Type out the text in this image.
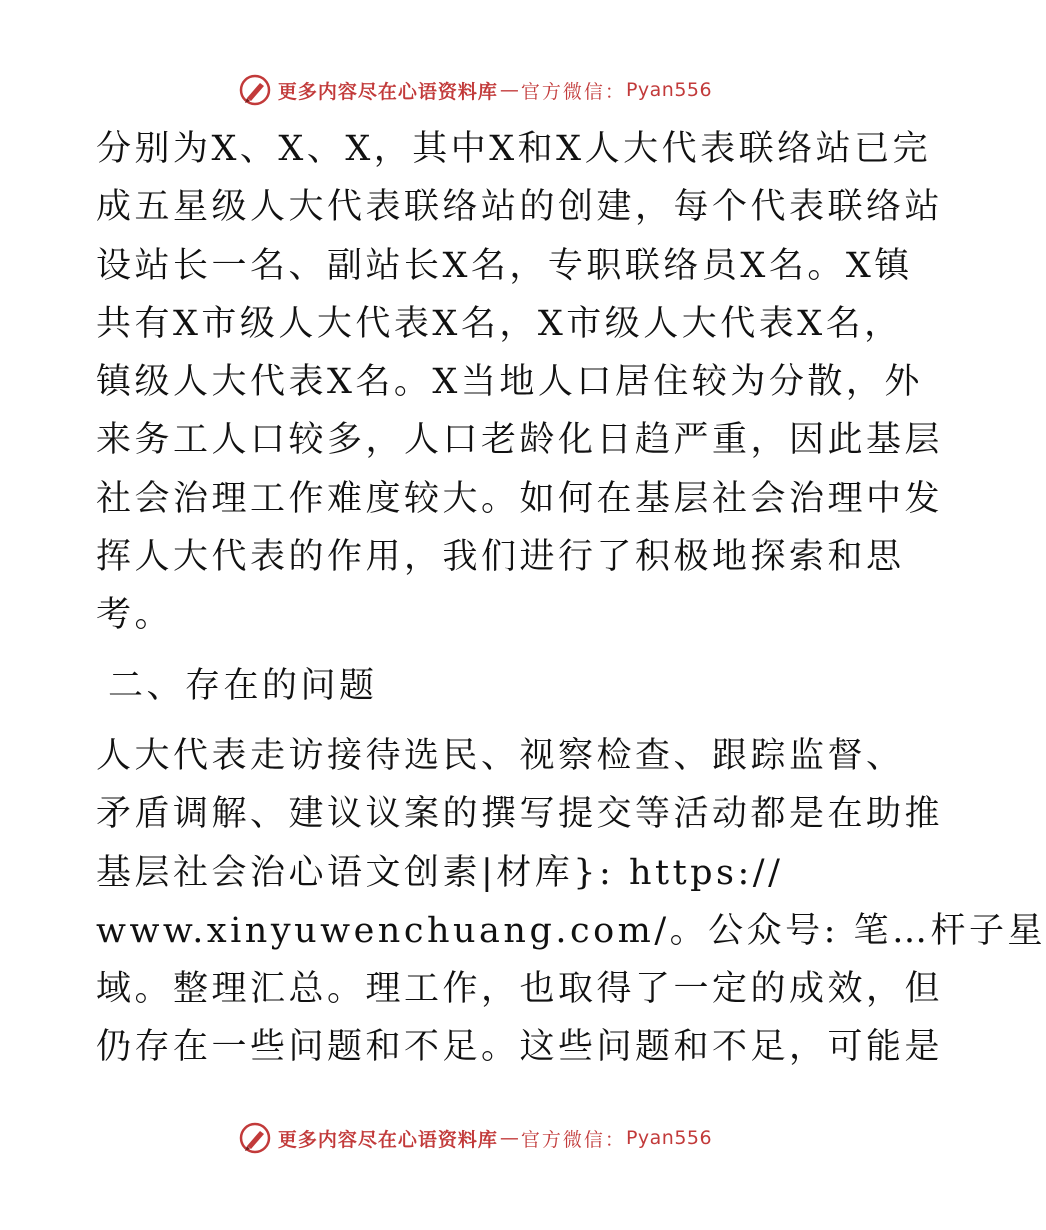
更多内容尽在心语资料库 — 官方微信： Pyan556

分别为X、X、X，其中X和X人大代表联络站已完
成五星级人大代表联络站的创建，每个代表联络站
设站长一名、副站长X名，专职联络员X名。X镇
共有X市级人大代表X名，X市级人大代表X名，
镇级人大代表X名。X当地人口居住较为分散，外
来务工人口较多，人口老龄化日趋严重，因此基层
社会治理工作难度较大。如何在基层社会治理中发
挥人大代表的作用，我们进行了积极地探索和思
考。

二、存在的问题

人大代表走访接待选民、视察检查、跟踪监督、
矛盾调解、建议议案的撰写提交等活动都是在助推
基层社会治心语文创素|材库}: https://
www.xinyuwenchuang.com/。公众号: 笔…杆子星
域。整理汇总。理工作，也取得了一定的成效，但
仍存在一些问题和不足。这些问题和不足，可能是

更多内容尽在心语资料库 — 官方微信： Pyan556
